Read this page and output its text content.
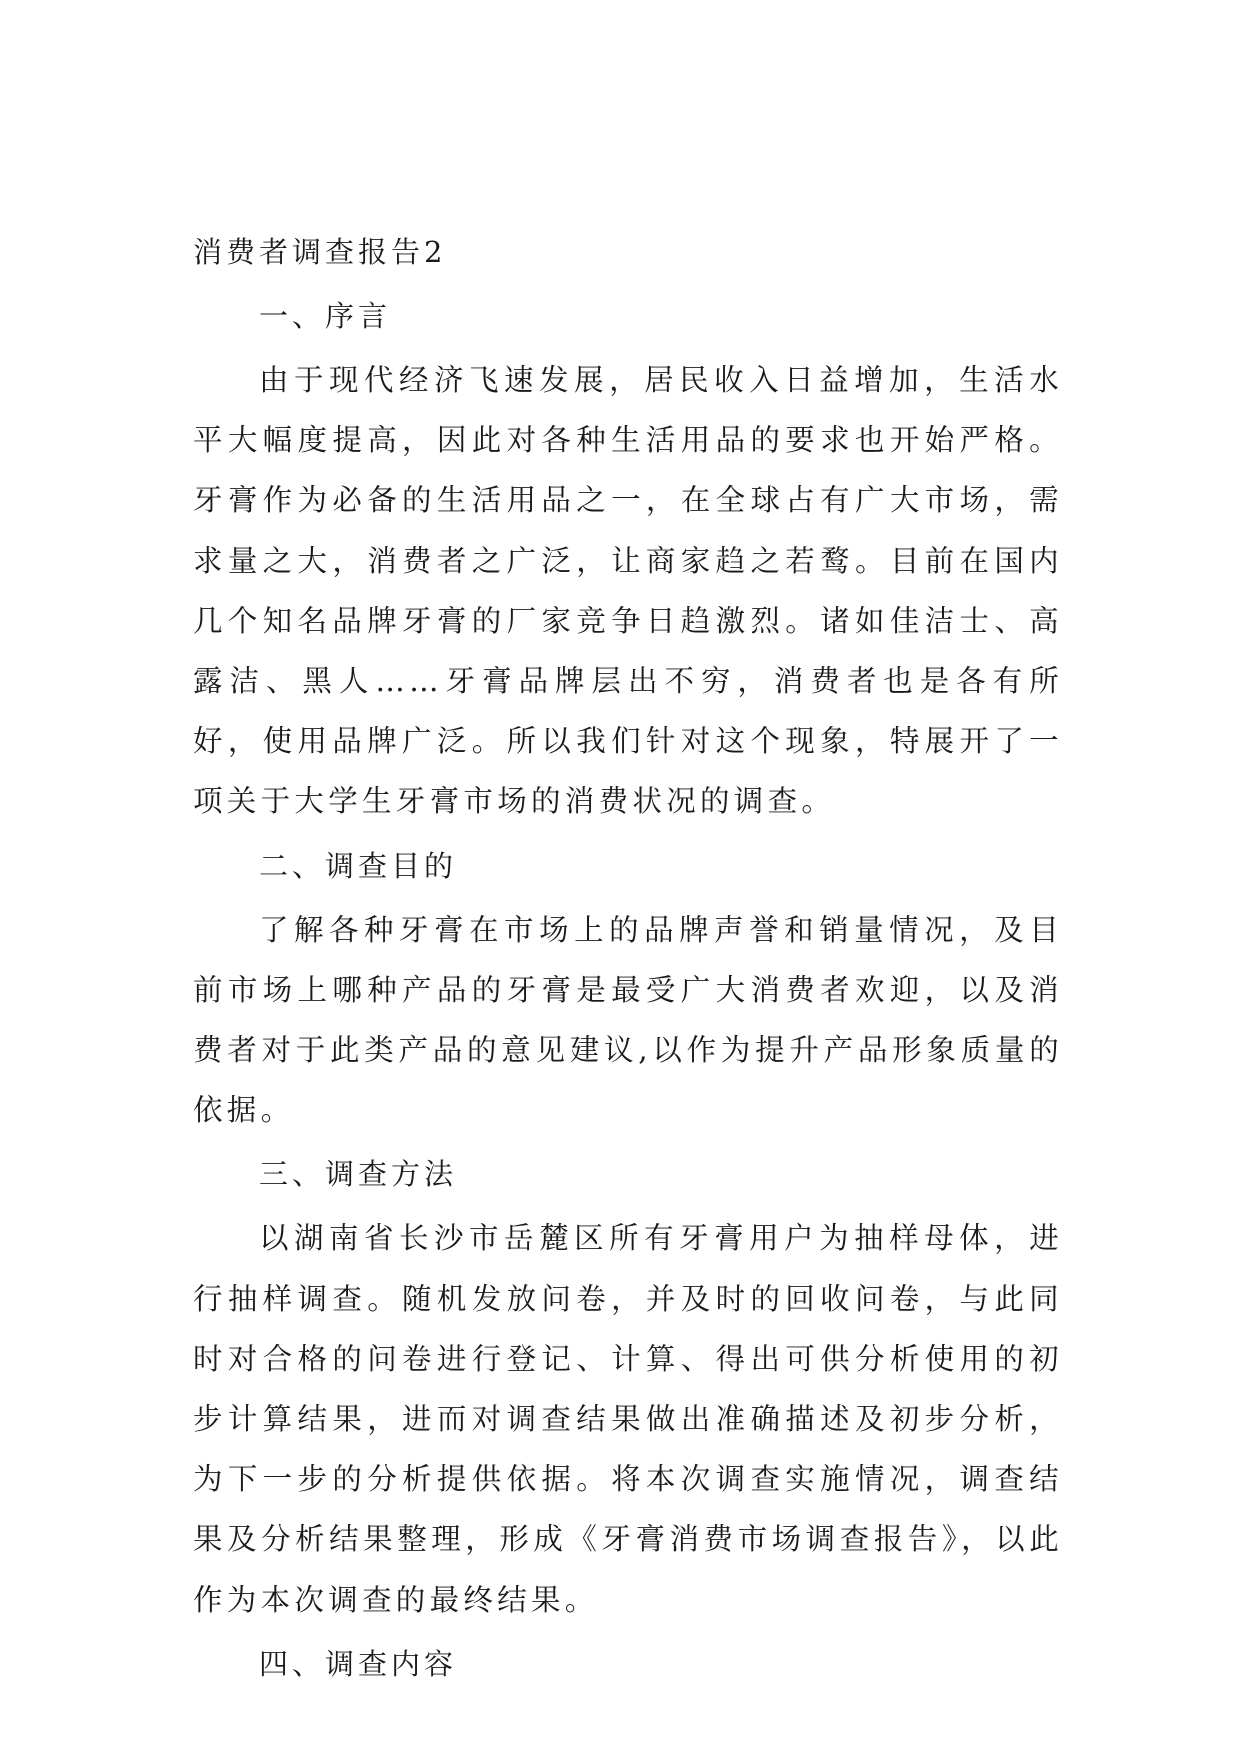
消费者调查报告2
一、序言
由于现代经济飞速发展，居民收入日益增加，生活水平大幅度提高，因此对各种生活用品的要求也开始严格。牙膏作为必备的生活用品之一，在全球占有广大市场，需求量之大，消费者之广泛，让商家趋之若鹜。目前在国内几个知名品牌牙膏的厂家竞争日趋激烈。诸如佳洁士、高露洁、黑人……牙膏品牌层出不穷，消费者也是各有所好，使用品牌广泛。所以我们针对这个现象，特展开了一项关于大学生牙膏市场的消费状况的调查。
二、调查目的
了解各种牙膏在市场上的品牌声誉和销量情况，及目前市场上哪种产品的牙膏是最受广大消费者欢迎，以及消费者对于此类产品的意见建议,以作为提升产品形象质量的依据。
三、调查方法
以湖南省长沙市岳麓区所有牙膏用户为抽样母体，进行抽样调查。随机发放问卷，并及时的回收问卷，与此同时对合格的问卷进行登记、计算、得出可供分析使用的初步计算结果，进而对调查结果做出准确描述及初步分析，为下一步的分析提供依据。将本次调查实施情况，调查结果及分析结果整理，形成《牙膏消费市场调查报告》，以此作为本次调查的最终结果。
四、调查内容
